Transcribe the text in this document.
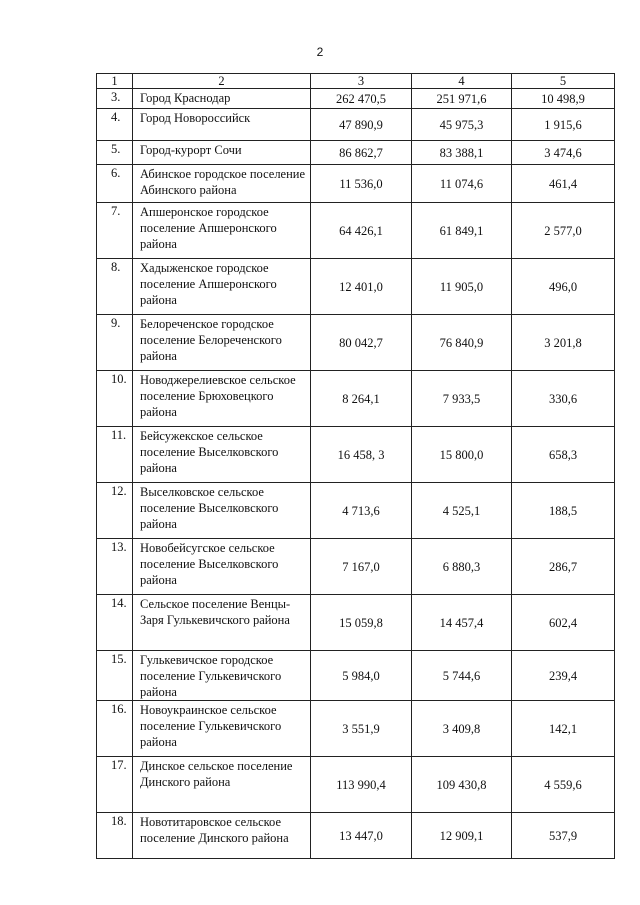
2
1	2	3	4	5
3.	Город Краснодар	262 470,5	251 971,6	10 498,9
4.	Город Новороссийск	47 890,9	45 975,3	1 915,6
5.	Город-курорт Сочи	86 862,7	83 388,1	3 474,6
6.	Абинское городское поселение Абинского района	11 536,0	11 074,6	461,4
7.	Апшеронское городское поселение Апшеронского района	64 426,1	61 849,1	2 577,0
8.	Хадыженское городское поселение Апшеронского района	12 401,0	11 905,0	496,0
9.	Белореченское городское поселение Белореченского района	80 042,7	76 840,9	3 201,8
10.	Новоджерелиевское сельское поселение Брюховецкого района	8 264,1	7 933,5	330,6
11.	Бейсужекское сельское поселение Выселковского района	16 458, 3	15 800,0	658,3
12.	Выселковское сельское поселение Выселковского района	4 713,6	4 525,1	188,5
13.	Новобейсугское сельское поселение Выселковского района	7 167,0	6 880,3	286,7
14.	Сельское поселение Венцы-Заря Гулькевичского района	15 059,8	14 457,4	602,4
15.	Гулькевичское городское поселение Гулькевичского района	5 984,0	5 744,6	239,4
16.	Новоукраинское сельское поселение Гулькевичского района	3 551,9	3 409,8	142,1
17.	Динское сельское поселение Динского района	113 990,4	109 430,8	4 559,6
18.	Новотитаровское сельское поселение Динского района	13 447,0	12 909,1	537,9
